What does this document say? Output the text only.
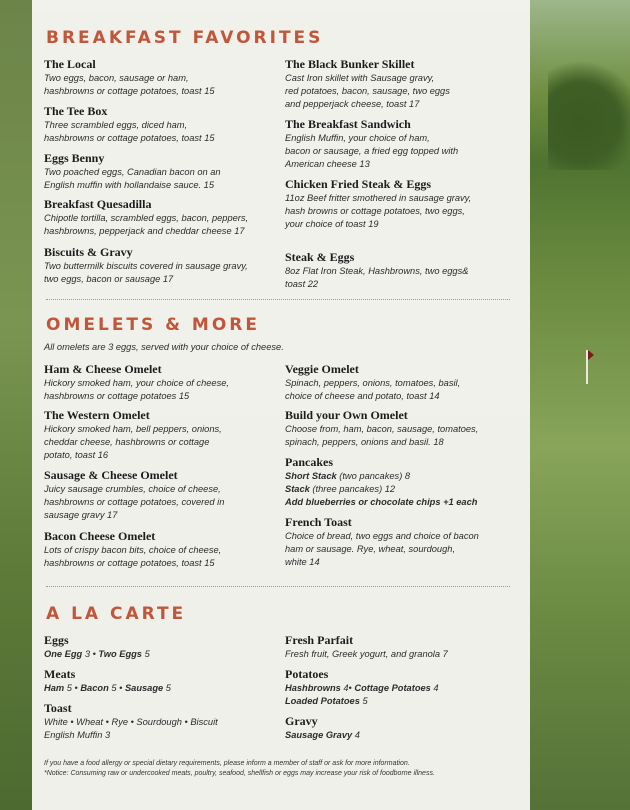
BREAKFAST FAVORITES
The Local
Two eggs, bacon, sausage or ham,
hashbrowns or cottage potatoes, toast 15
The Tee Box
Three scrambled eggs, diced ham,
hashbrowns or cottage potatoes, toast 15
Eggs Benny
Two poached eggs, Canadian bacon on an
English muffin with hollandaise sauce. 15
Breakfast Quesadilla
Chipotle tortilla, scrambled eggs, bacon, peppers,
hashbrowns, pepperjack and cheddar cheese 17
Biscuits & Gravy
Two buttermilk biscuits covered in sausage gravy,
two eggs, bacon or sausage 17
The Black Bunker Skillet
Cast Iron skillet with Sausage gravy,
red potatoes, bacon, sausage, two eggs
and pepperjack cheese, toast 17
The Breakfast Sandwich
English Muffin, your choice of ham,
bacon or sausage, a fried egg topped with
American cheese 13
Chicken Fried Steak & Eggs
11oz Beef fritter smothered in sausage gravy,
hash browns or cottage potatoes, two eggs,
your choice of toast 19
Steak & Eggs
8oz Flat Iron Steak, Hashbrowns, two eggs&
toast 22
OMELETS & MORE
All omelets are 3 eggs, served with your choice of cheese.
Ham & Cheese Omelet
Hickory smoked ham, your choice of cheese,
hashbrowns or cottage potatoes 15
The Western Omelet
Hickory smoked ham, bell peppers, onions,
cheddar cheese, hashbrowns or cottage
potato, toast 16
Sausage & Cheese Omelet
Juicy sausage crumbles, choice of cheese,
hashbrowns or cottage potatoes, covered in
sausage gravy 17
Bacon Cheese Omelet
Lots of crispy bacon bits, choice of cheese,
hashbrowns or cottage potatoes, toast 15
Veggie Omelet
Spinach, peppers, onions, tomatoes, basil,
choice of cheese and potato, toast 14
Build your Own Omelet
Choose from, ham, bacon, sausage, tomatoes,
spinach, peppers, onions and basil. 18
Pancakes
Short Stack (two pancakes) 8
Stack (three pancakes) 12
Add blueberries or chocolate chips +1 each
French Toast
Choice of bread, two eggs and choice of bacon
ham or sausage. Rye, wheat, sourdough,
white 14
A LA CARTE
Eggs
One Egg 3 • Two Eggs 5
Meats
Ham 5 • Bacon 5 • Sausage 5
Toast
White • Wheat • Rye • Sourdough • Biscuit
English Muffin 3
Fresh Parfait
Fresh fruit, Greek yogurt, and granola 7
Potatoes
Hashbrowns 4• Cottage Potatoes 4
Loaded Potatoes 5
Gravy
Sausage Gravy 4
If you have a food allergy or special dietary requirements, please inform a member of staff or ask for more information.
*Notice: Consuming raw or undercooked meats, poultry, seafood, shellfish or eggs may increase your risk of foodborne illness.
